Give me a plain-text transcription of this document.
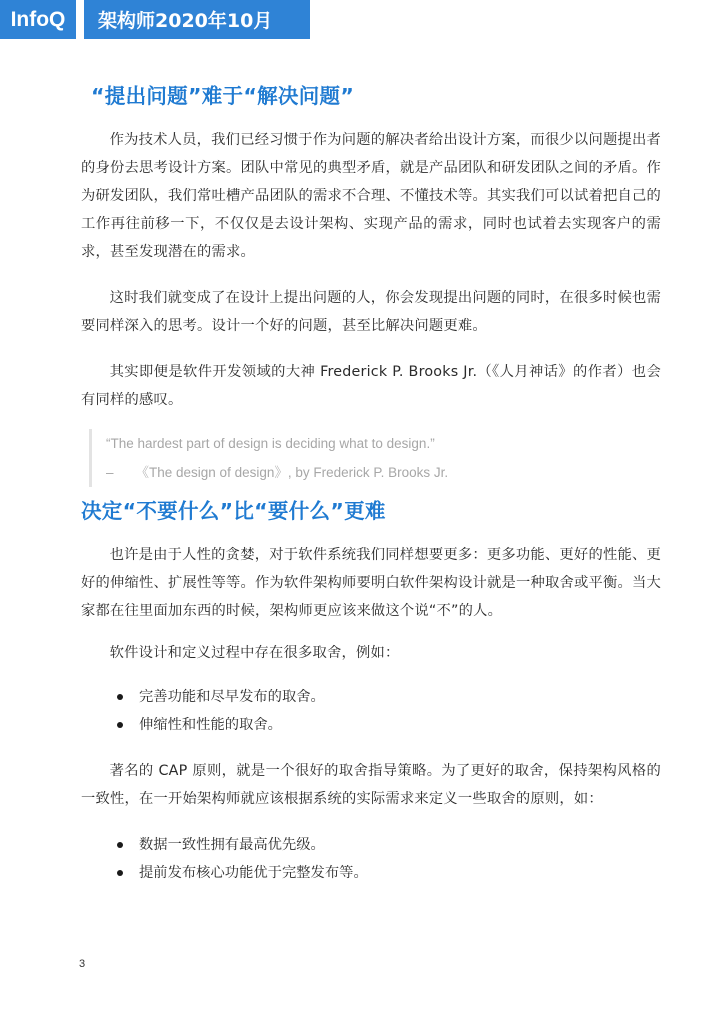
InfoQ 架构师2020年10月
“提出问题”难于“解决问题”

作为技术人员，我们已经习惯于作为问题的解决者给出设计方案，而很少以问题提出者的身份去思考设计方案。团队中常见的典型矛盾，就是产品团队和研发团队之间的矛盾。作为研发团队，我们常吐槽产品团队的需求不合理、不懂技术等。其实我们可以试着把自己的工作再往前移一下，不仅仅是去设计架构、实现产品的需求，同时也试着去实现客户的需求，甚至发现潜在的需求。

这时我们就变成了在设计上提出问题的人，你会发现提出问题的同时，在很多时候也需要同样深入的思考。设计一个好的问题，甚至比解决问题更难。

其实即便是软件开发领域的大神 Frederick P. Brooks Jr.（《人月神话》的作者）也会有同样的感叹。

“The hardest part of design is deciding what to design.”
– 《The design of design》, by Frederick P. Brooks Jr.
决定“不要什么”比“要什么”更难

也许是由于人性的贪婪，对于软件系统我们同样想要更多：更多功能、更好的性能、更好的伸缩性、扩展性等等。作为软件架构师要明白软件架构设计就是一种取舍或平衡。当大家都在往里面加东西的时候，架构师更应该来做这个说“不”的人。

软件设计和定义过程中存在很多取舍，例如：

完善功能和尽早发布的取舍。
伸缩性和性能的取舍。

著名的 CAP 原则，就是一个很好的取舍指导策略。为了更好的取舍，保持架构风格的一致性，在一开始架构师就应该根据系统的实际需求来定义一些取舍的原则，如：

数据一致性拥有最高优先级。
提前发布核心功能优于完整发布等。
3
